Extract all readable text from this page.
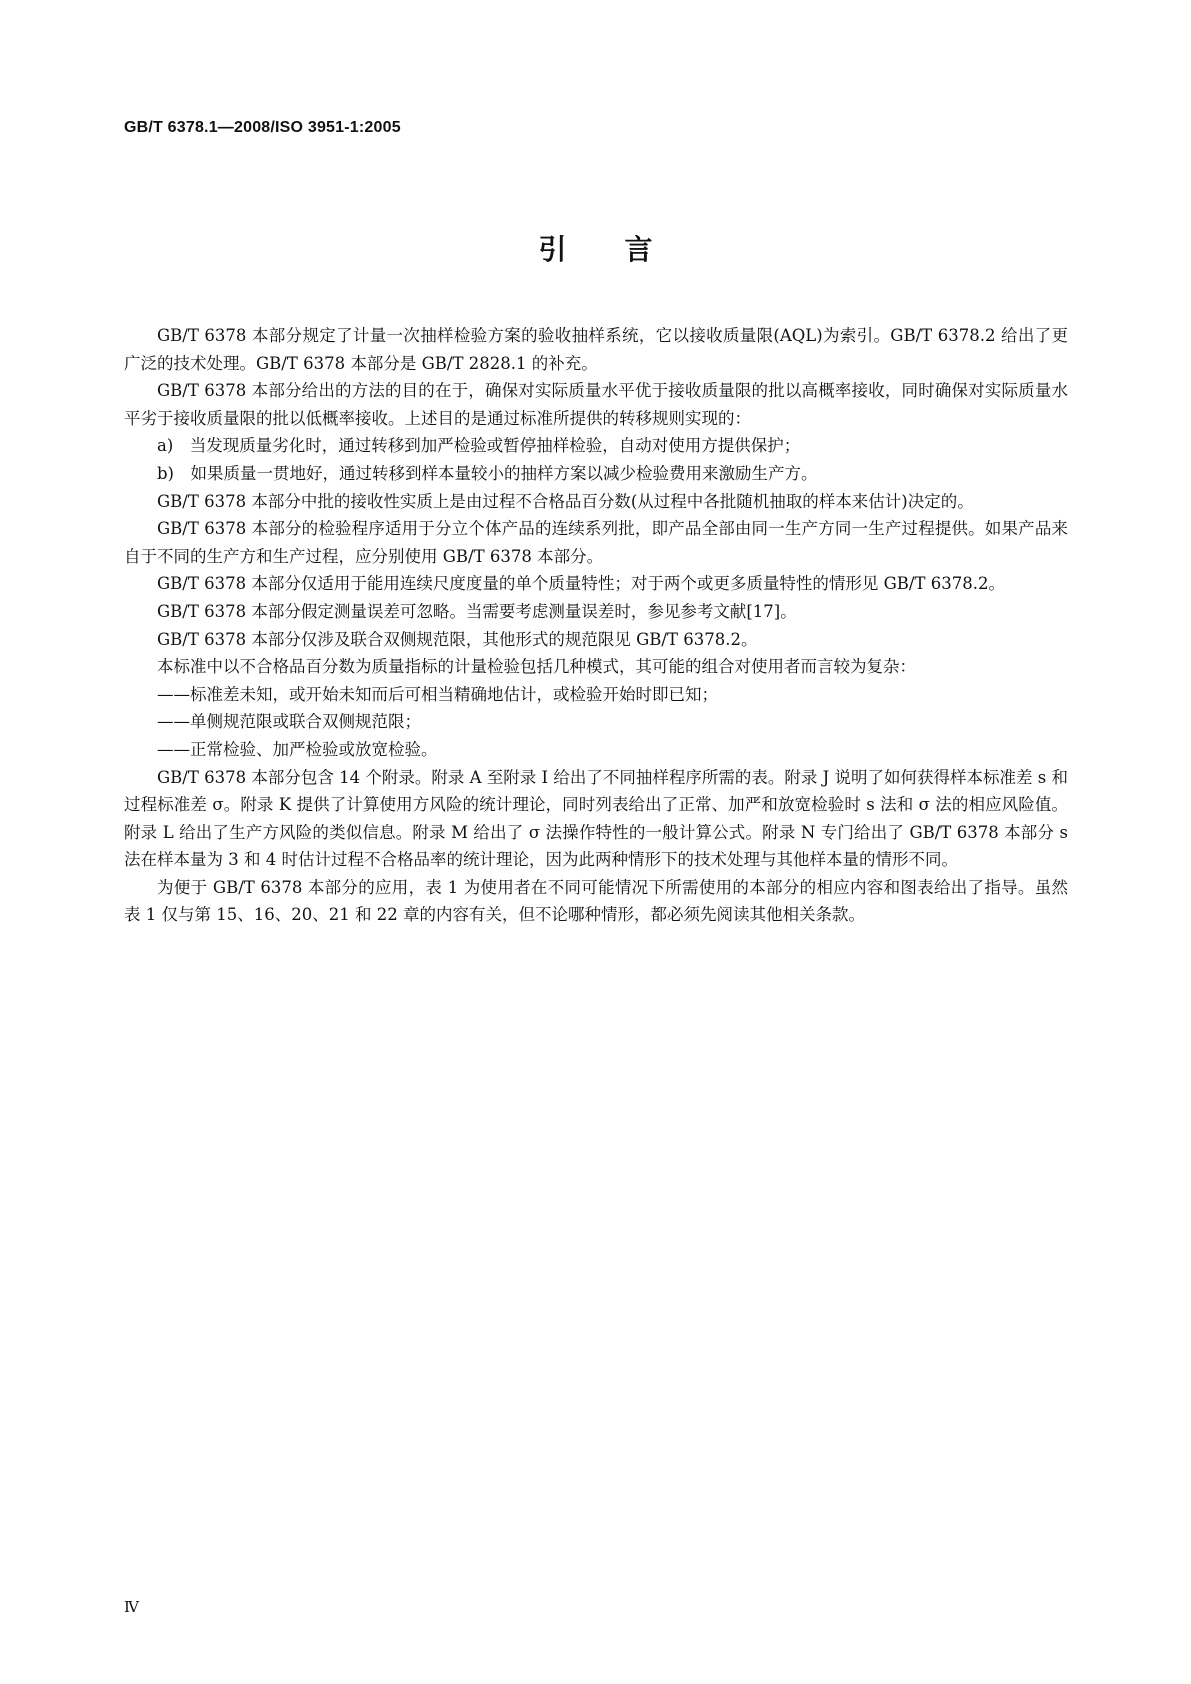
GB/T 6378.1—2008/ISO 3951-1:2005
引 言

GB/T 6378 本部分规定了计量一次抽样检验方案的验收抽样系统，它以接收质量限(AQL)为索引。GB/T 6378.2 给出了更广泛的技术处理。GB/T 6378 本部分是 GB/T 2828.1 的补充。

GB/T 6378 本部分给出的方法的目的在于，确保对实际质量水平优于接收质量限的批以高概率接收，同时确保对实际质量水平劣于接收质量限的批以低概率接收。上述目的是通过标准所提供的转移规则实现的：

a)　当发现质量劣化时，通过转移到加严检验或暂停抽样检验，自动对使用方提供保护；

b)　如果质量一贯地好，通过转移到样本量较小的抽样方案以减少检验费用来激励生产方。

GB/T 6378 本部分中批的接收性实质上是由过程不合格品百分数(从过程中各批随机抽取的样本来估计)决定的。

GB/T 6378 本部分的检验程序适用于分立个体产品的连续系列批，即产品全部由同一生产方同一生产过程提供。如果产品来自于不同的生产方和生产过程，应分别使用 GB/T 6378 本部分。

GB/T 6378 本部分仅适用于能用连续尺度度量的单个质量特性；对于两个或更多质量特性的情形见 GB/T 6378.2。

GB/T 6378 本部分假定测量误差可忽略。当需要考虑测量误差时，参见参考文献[17]。

GB/T 6378 本部分仅涉及联合双侧规范限，其他形式的规范限见 GB/T 6378.2。

本标准中以不合格品百分数为质量指标的计量检验包括几种模式，其可能的组合对使用者而言较为复杂：

——标准差未知，或开始未知而后可相当精确地估计，或检验开始时即已知；

——单侧规范限或联合双侧规范限；

——正常检验、加严检验或放宽检验。

GB/T 6378 本部分包含 14 个附录。附录 A 至附录 I 给出了不同抽样程序所需的表。附录 J 说明了如何获得样本标准差 s 和过程标准差 σ。附录 K 提供了计算使用方风险的统计理论，同时列表给出了正常、加严和放宽检验时 s 法和 σ 法的相应风险值。附录 L 给出了生产方风险的类似信息。附录 M 给出了 σ 法操作特性的一般计算公式。附录 N 专门给出了 GB/T 6378 本部分 s 法在样本量为 3 和 4 时估计过程不合格品率的统计理论，因为此两种情形下的技术处理与其他样本量的情形不同。

为便于 GB/T 6378 本部分的应用，表 1 为使用者在不同可能情况下所需使用的本部分的相应内容和图表给出了指导。虽然表 1 仅与第 15、16、20、21 和 22 章的内容有关，但不论哪种情形，都必须先阅读其他相关条款。

Ⅳ
